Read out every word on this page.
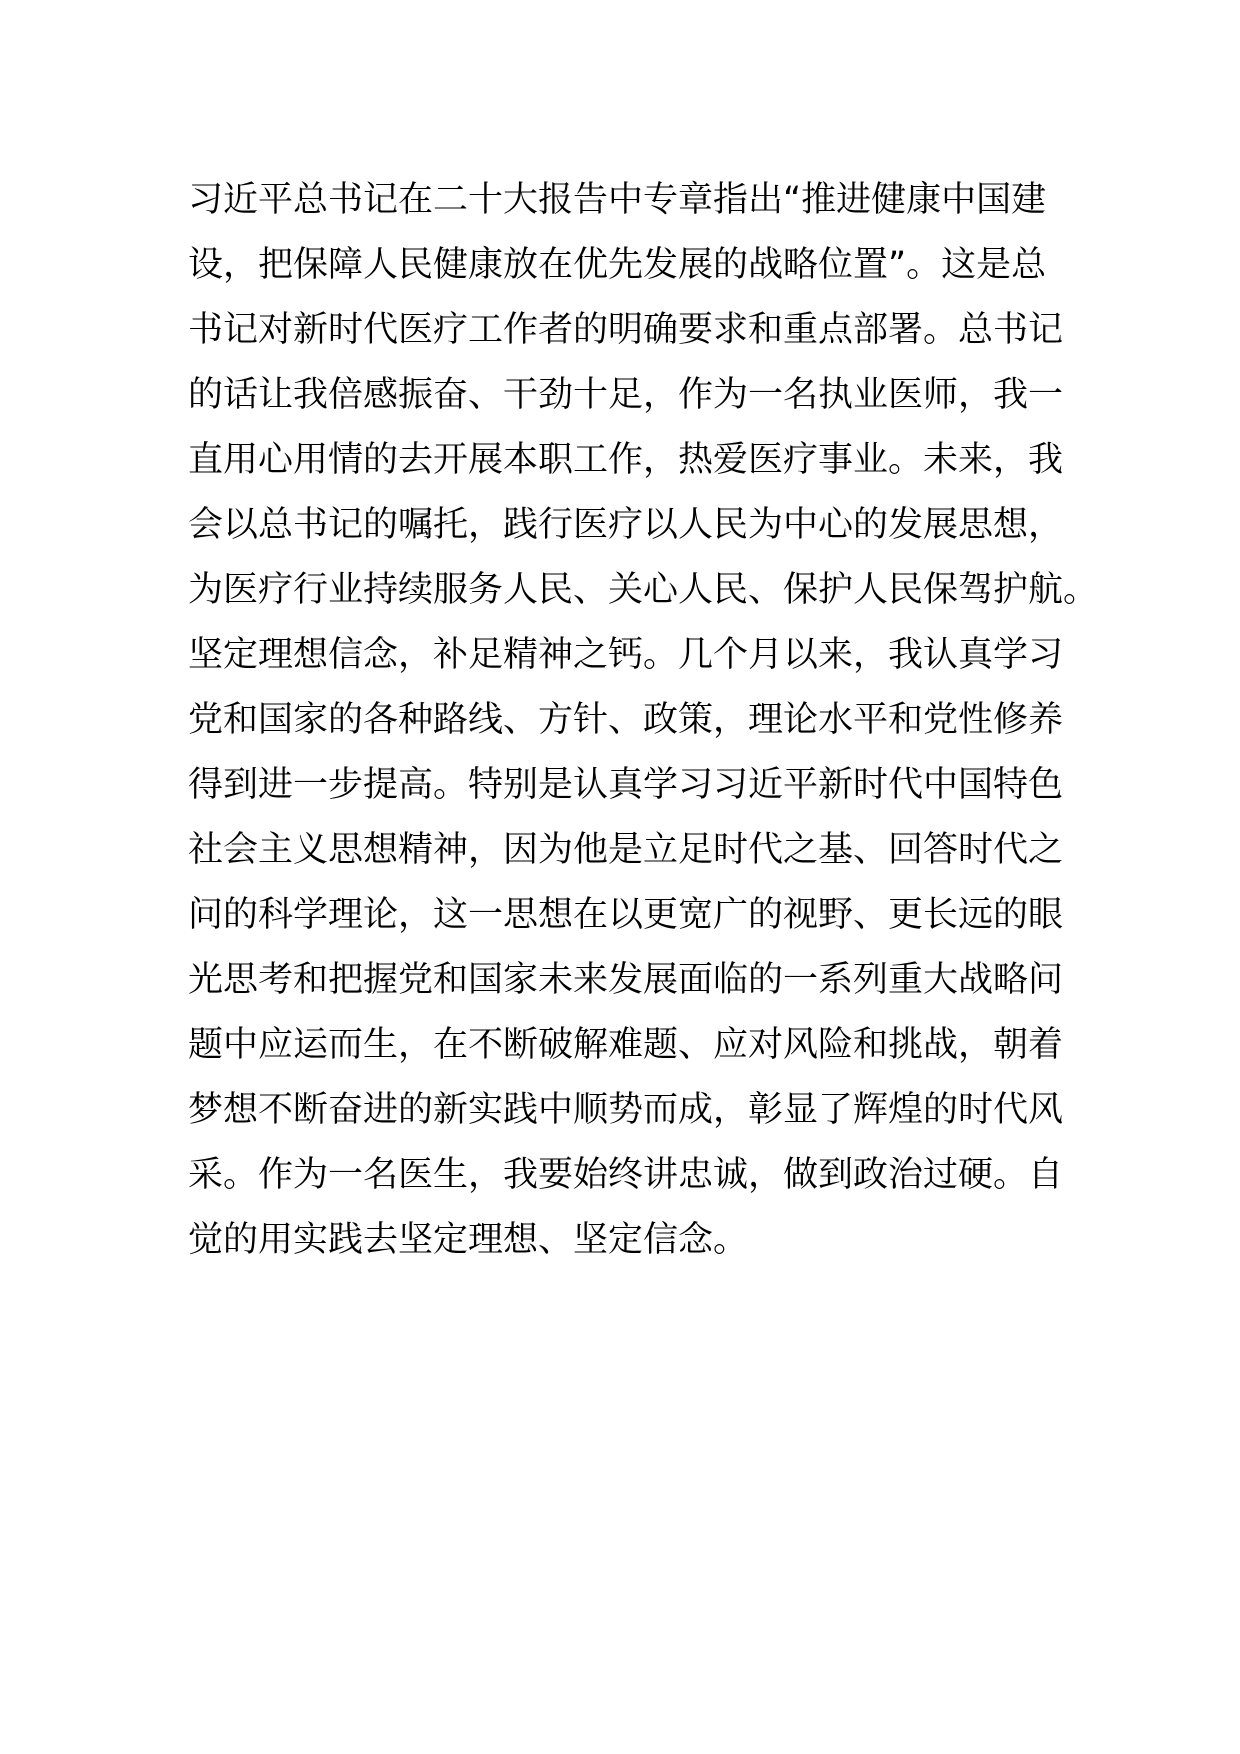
习近平总书记在二十大报告中专章指出“推进健康中国建
设，把保障人民健康放在优先发展的战略位置”。这是总
书记对新时代医疗工作者的明确要求和重点部署。总书记
的话让我倍感振奋、干劲十足，作为一名执业医师，我一
直用心用情的去开展本职工作，热爱医疗事业。未来，我
会以总书记的嘱托，践行医疗以人民为中心的发展思想，
为医疗行业持续服务人民、关心人民、保护人民保驾护航。
坚定理想信念，补足精神之钙。几个月以来，我认真学习
党和国家的各种路线、方针、政策，理论水平和党性修养
得到进一步提高。特别是认真学习习近平新时代中国特色
社会主义思想精神，因为他是立足时代之基、回答时代之
问的科学理论，这一思想在以更宽广的视野、更长远的眼
光思考和把握党和国家未来发展面临的一系列重大战略问
题中应运而生，在不断破解难题、应对风险和挑战，朝着
梦想不断奋进的新实践中顺势而成，彰显了辉煌的时代风
采。作为一名医生，我要始终讲忠诚，做到政治过硬。自
觉的用实践去坚定理想、坚定信念。
